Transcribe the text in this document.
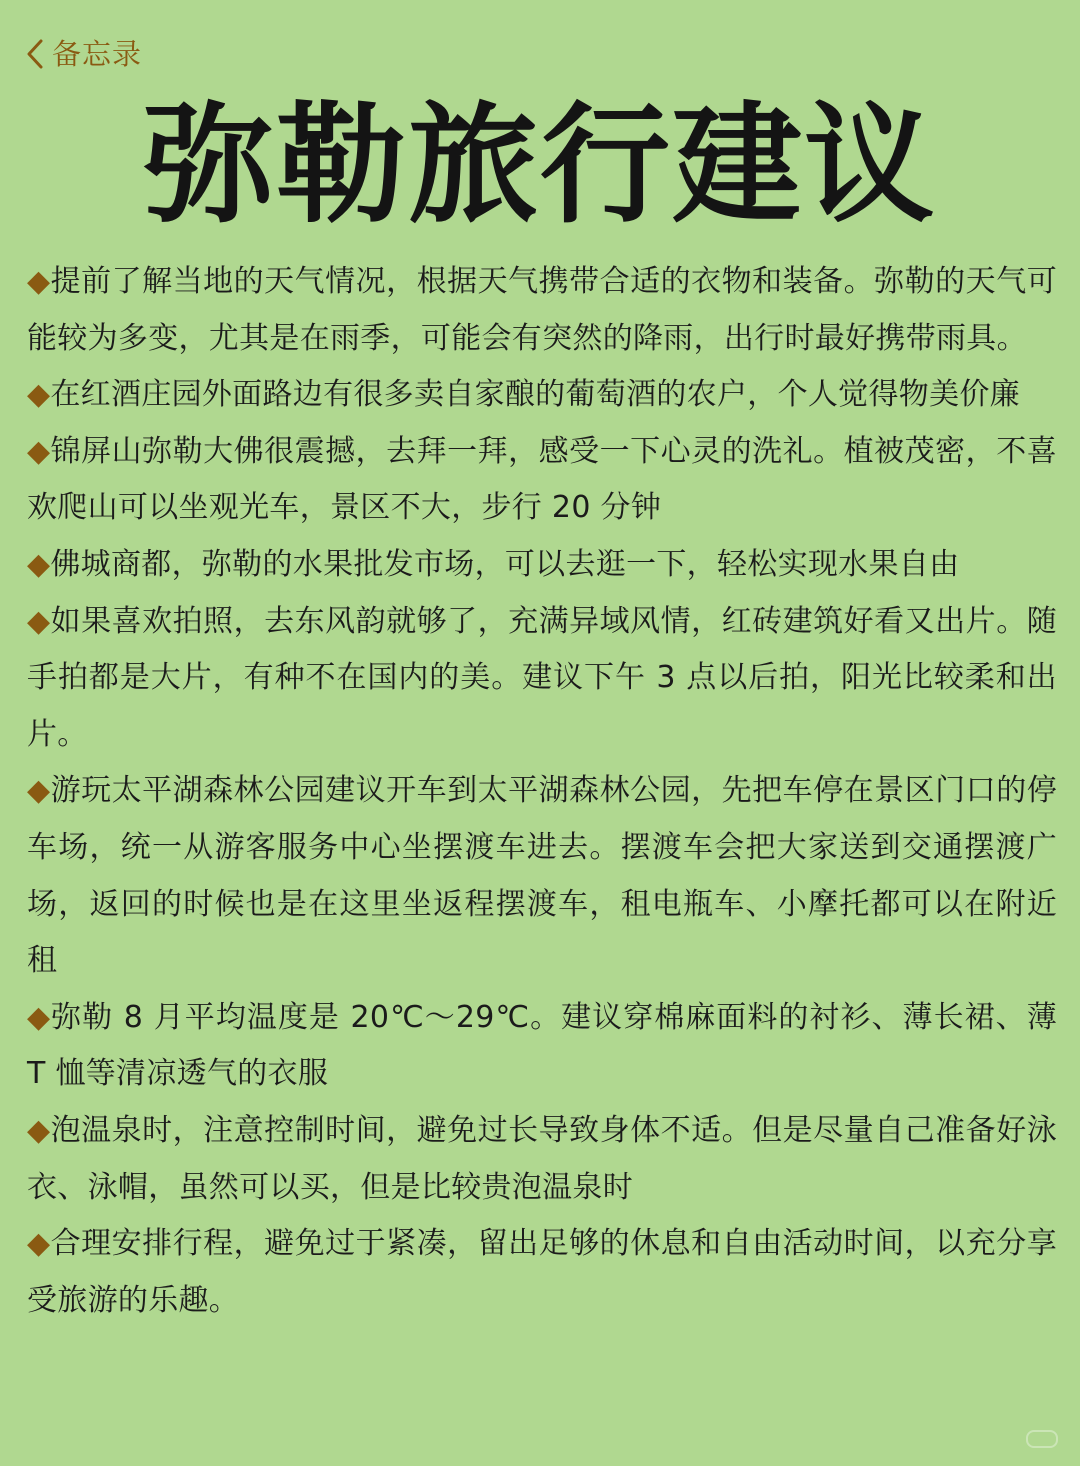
备忘录
弥勒旅行建议

◆提前了解当地的天气情况，根据天气携带合适的衣物和装备。弥勒的天气可能较为多变，尤其是在雨季，可能会有突然的降雨，出行时最好携带雨具。

◆在红酒庄园外面路边有很多卖自家酿的葡萄酒的农户，个人觉得物美价廉

◆锦屏山弥勒大佛很震撼，去拜一拜，感受一下心灵的洗礼。植被茂密，不喜欢爬山可以坐观光车，景区不大，步行 20 分钟

◆佛城商都，弥勒的水果批发市场，可以去逛一下，轻松实现水果自由

◆如果喜欢拍照，去东风韵就够了，充满异域风情，红砖建筑好看又出片。随手拍都是大片，有种不在国内的美。建议下午 3 点以后拍，阳光比较柔和出片。

◆游玩太平湖森林公园建议开车到太平湖森林公园，先把车停在景区门口的停车场，统一从游客服务中心坐摆渡车进去。摆渡车会把大家送到交通摆渡广场，返回的时候也是在这里坐返程摆渡车，租电瓶车、小摩托都可以在附近租

◆弥勒 8 月平均温度是 20℃～29℃。建议穿棉麻面料的衬衫、薄长裙、薄 T 恤等清凉透气的衣服

◆泡温泉时，注意控制时间，避免过长导致身体不适。但是尽量自己准备好泳衣、泳帽，虽然可以买，但是比较贵泡温泉时

◆合理安排行程，避免过于紧凑，留出足够的休息和自由活动时间，以充分享受旅游的乐趣。
